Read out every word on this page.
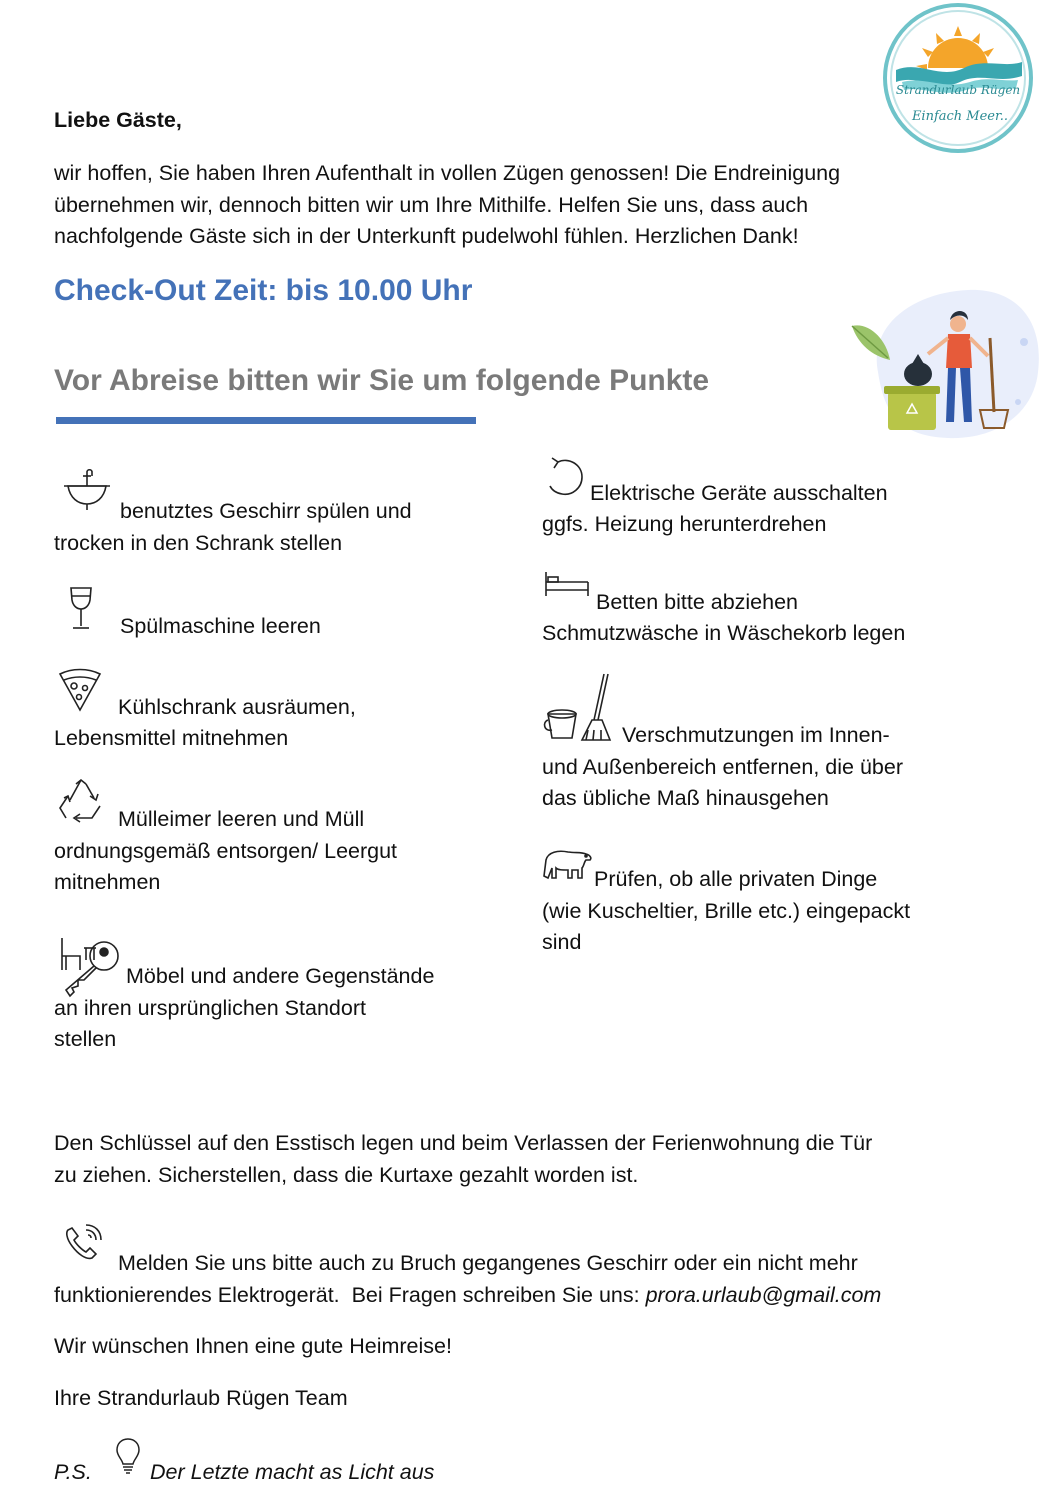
Strandurlaub Rügen
Einfach Meer..
Liebe Gäste,
wir hoffen, Sie haben Ihren Aufenthalt in vollen Zügen genossen! Die Endreinigung
übernehmen wir, dennoch bitten wir um Ihre Mithilfe. Helfen Sie uns, dass auch
nachfolgende Gäste sich in der Unterkunft pudelwohl fühlen. Herzlichen Dank!
Check-Out Zeit: bis 10.00 Uhr
Vor Abreise bitten wir Sie um folgende Punkte
benutztes Geschirr spülen und
trocken in den Schrank stellen
Spülmaschine leeren
Kühlschrank ausräumen,
Lebensmittel mitnehmen
Mülleimer leeren und Müll
ordnungsgemäß entsorgen/ Leergut
mitnehmen
Möbel und andere Gegenstände
an ihren ursprünglichen Standort
stellen
Elektrische Geräte ausschalten
ggfs. Heizung herunterdrehen
Betten bitte abziehen
Schmutzwäsche in Wäschekorb legen
Verschmutzungen im Innen-
und Außenbereich entfernen, die über
das übliche Maß hinausgehen
Prüfen, ob alle privaten Dinge
(wie Kuscheltier, Brille etc.) eingepackt
sind
Den Schlüssel auf den Esstisch legen und beim Verlassen der Ferienwohnung die Tür
zu ziehen. Sicherstellen, dass die Kurtaxe gezahlt worden ist.
Melden Sie uns bitte auch zu Bruch gegangenes Geschirr oder ein nicht mehr
funktionierendes Elektrogerät.  Bei Fragen schreiben Sie uns: prora.urlaub@gmail.com
Wir wünschen Ihnen eine gute Heimreise!
Ihre Strandurlaub Rügen Team
P.S.	Der Letzte macht as Licht aus
